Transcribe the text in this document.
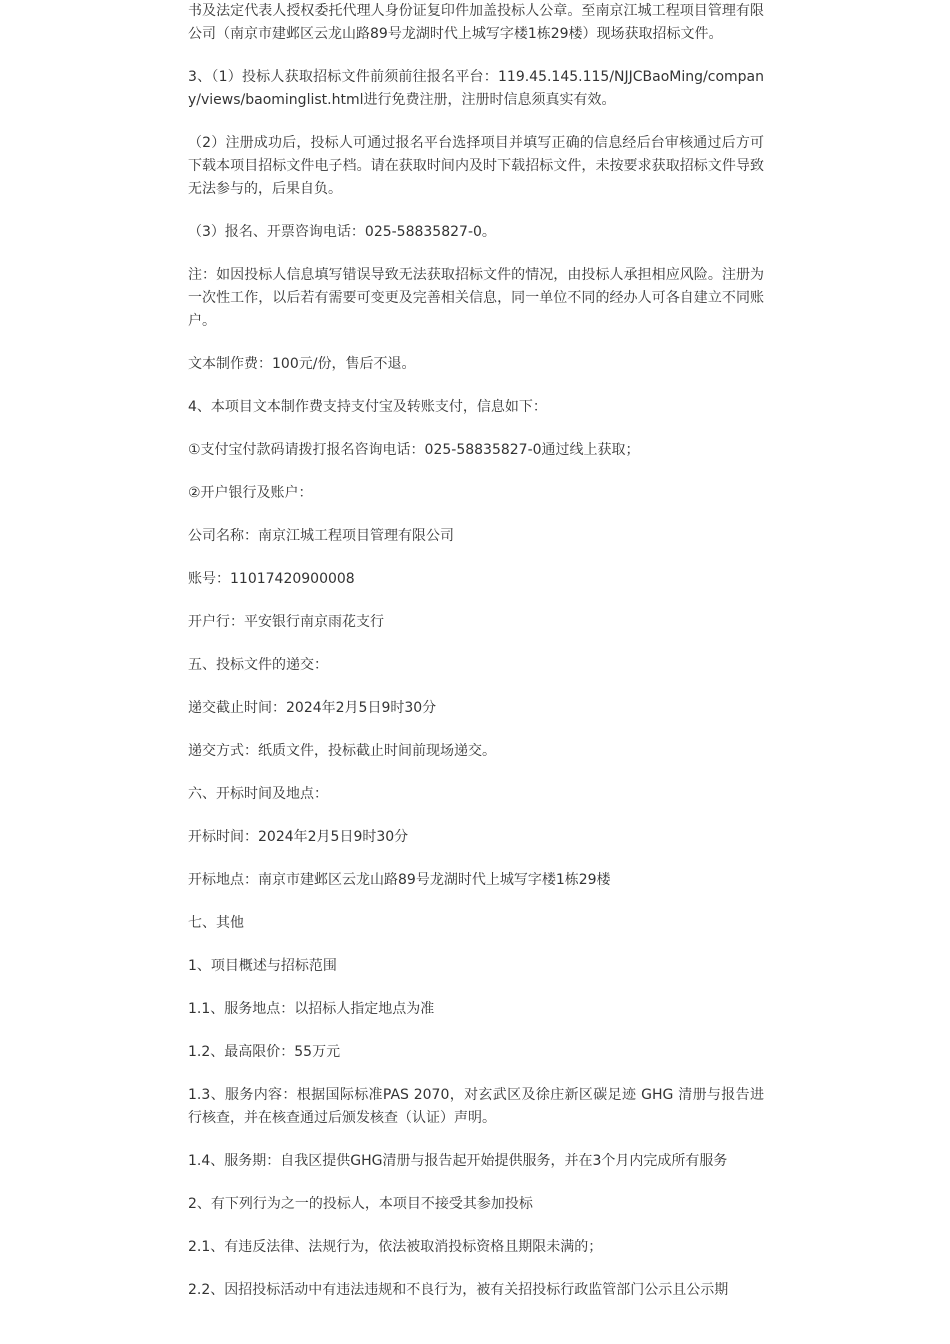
书及法定代表人授权委托代理人身份证复印件加盖投标人公章。至南京江城工程项目管理有限公司（南京市建邺区云龙山路89号龙湖时代上城写字楼1栋29楼）现场获取招标文件。

3、（1）投标人获取招标文件前须前往报名平台：119.45.145.115/NJJCBaoMing/company/views/baominglist.html进行免费注册，注册时信息须真实有效。

（2）注册成功后，投标人可通过报名平台选择项目并填写正确的信息经后台审核通过后方可下载本项目招标文件电子档。请在获取时间内及时下载招标文件，未按要求获取招标文件导致无法参与的，后果自负。

（3）报名、开票咨询电话：025-58835827-0。

注：如因投标人信息填写错误导致无法获取招标文件的情况，由投标人承担相应风险。注册为一次性工作，以后若有需要可变更及完善相关信息，同一单位不同的经办人可各自建立不同账户。

文本制作费：100元/份，售后不退。

4、本项目文本制作费支持支付宝及转账支付，信息如下：

①支付宝付款码请拨打报名咨询电话：025-58835827-0通过线上获取；

②开户银行及账户：

公司名称：南京江城工程项目管理有限公司

账号：11017420900008

开户行：平安银行南京雨花支行

五、投标文件的递交：

递交截止时间：2024年2月5日9时30分

递交方式：纸质文件，投标截止时间前现场递交。

六、开标时间及地点：

开标时间：2024年2月5日9时30分

开标地点：南京市建邺区云龙山路89号龙湖时代上城写字楼1栋29楼

七、其他

1、项目概述与招标范围

1.1、服务地点：以招标人指定地点为准

1.2、最高限价：55万元

1.3、服务内容：根据国际标准PAS 2070，对玄武区及徐庄新区碳足迹 GHG 清册与报告进行核查，并在核查通过后颁发核查（认证）声明。

1.4、服务期：自我区提供GHG清册与报告起开始提供服务，并在3个月内完成所有服务

2、有下列行为之一的投标人，本项目不接受其参加投标

2.1、有违反法律、法规行为，依法被取消投标资格且期限未满的；

2.2、因招投标活动中有违法违规和不良行为，被有关招投标行政监管部门公示且公示期
